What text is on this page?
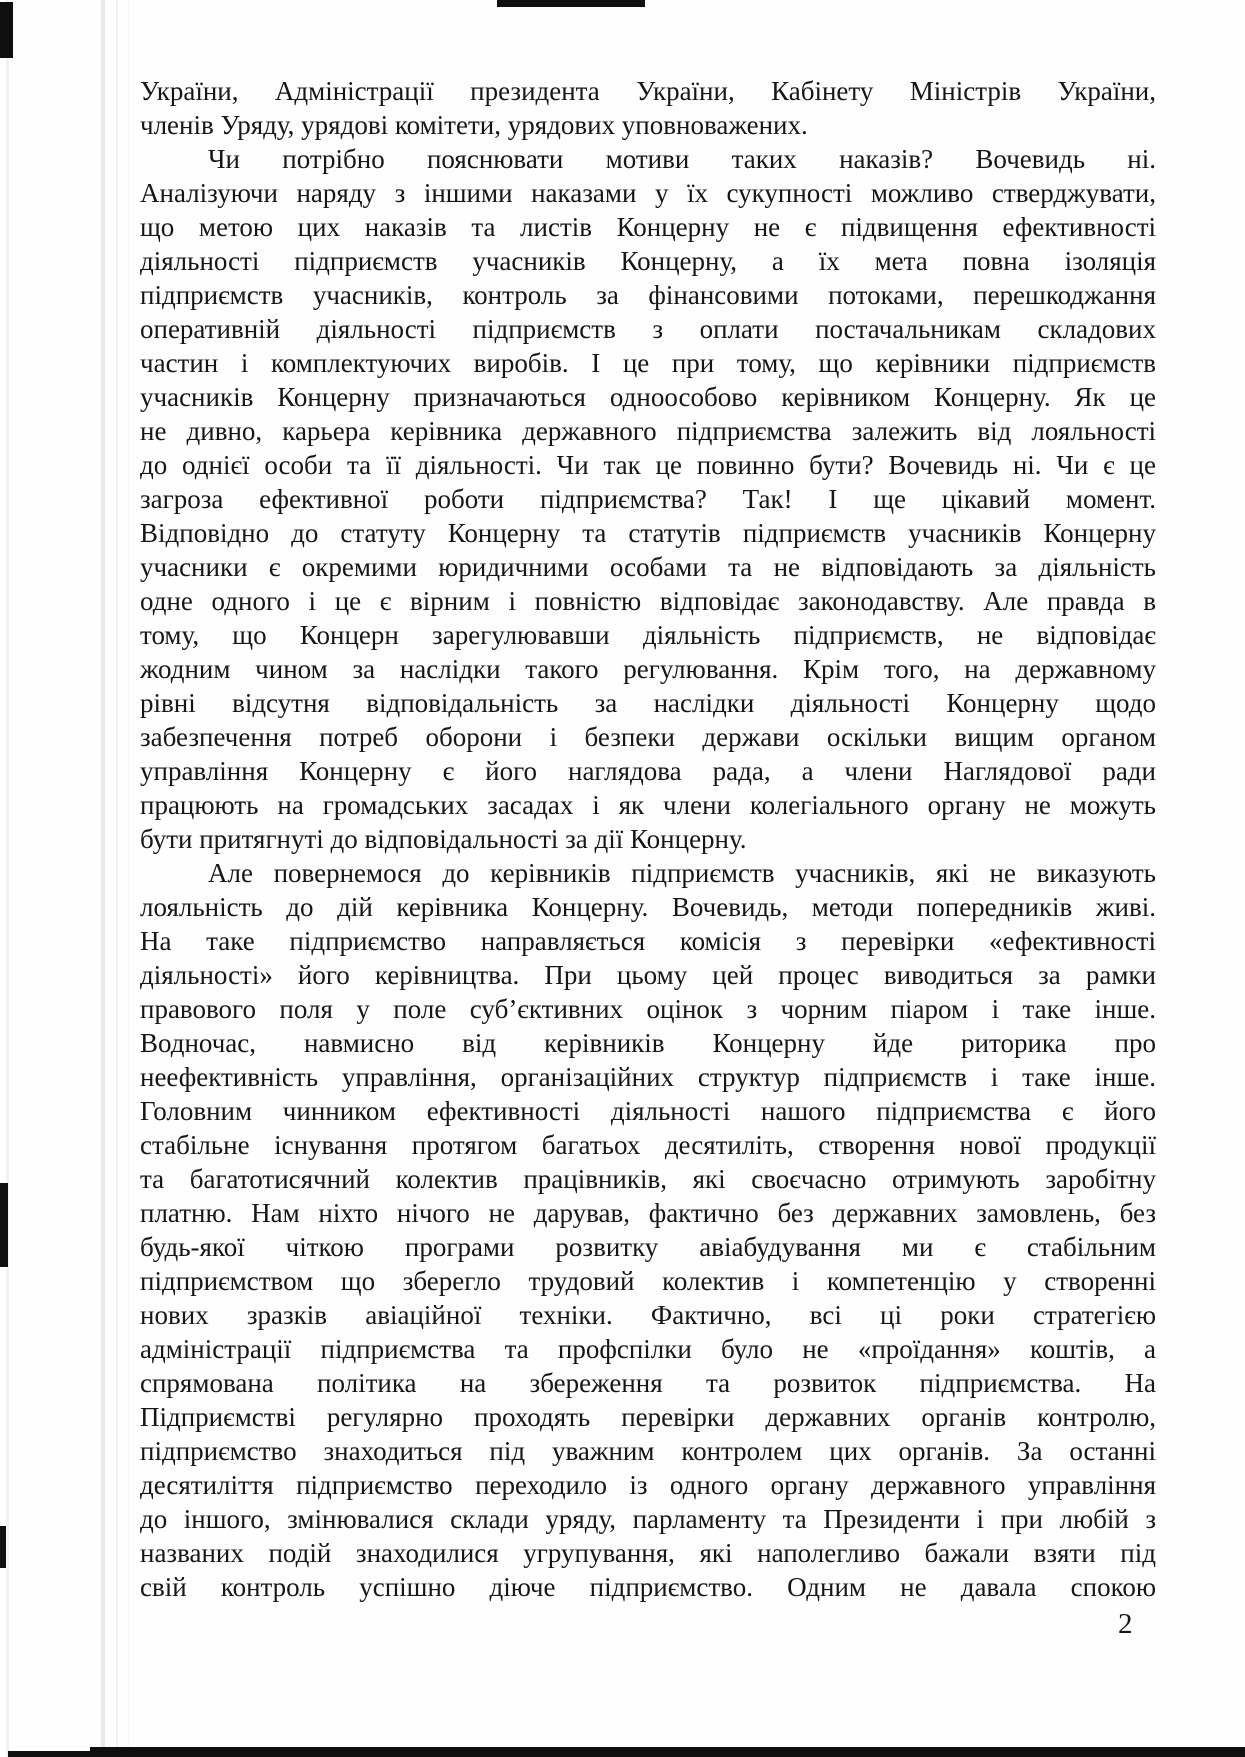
України, Адміністрації президента України, Кабінету Міністрів України,
членів Уряду, урядові комітети, урядових уповноважених.
Чи потрібно пояснювати мотиви таких наказів? Вочевидь ні.
Аналізуючи наряду з іншими наказами у їх сукупності можливо стверджувати,
що метою цих наказів та листів Концерну не є підвищення ефективності
діяльності підприємств учасників Концерну, а їх мета повна ізоляція
підприємств учасників, контроль за фінансовими потоками, перешкоджання
оперативній діяльності підприємств з оплати постачальникам складових
частин і комплектуючих виробів. І це при тому, що керівники підприємств
учасників Концерну призначаються одноособово керівником Концерну. Як це
не дивно, карьера керівника державного підприємства залежить від лояльності
до однієї особи та її діяльності. Чи так це повинно бути? Вочевидь ні. Чи є це
загроза ефективної роботи підприємства? Так! І ще цікавий момент.
Відповідно до статуту Концерну та статутів підприємств учасників Концерну
учасники є окремими юридичними особами та не відповідають за діяльність
одне одного і це є вірним і повністю відповідає законодавству. Але правда в
тому, що Концерн зарегулювавши діяльність підприємств, не відповідає
жодним чином за наслідки такого регулювання. Крім того, на державному
рівні відсутня відповідальність за наслідки діяльності Концерну щодо
забезпечення потреб оборони і безпеки держави оскільки вищим органом
управління Концерну є його наглядова рада, а члени Наглядової ради
працюють на громадських засадах і як члени колегіального органу не можуть
бути притягнуті до відповідальності за дії Концерну.
Але повернемося до керівників підприємств учасників, які не виказують
лояльність до дій керівника Концерну. Вочевидь, методи попередників живі.
На таке підприємство направляється комісія з перевірки «ефективності
діяльності» його керівництва. При цьому цей процес виводиться за рамки
правового поля у поле суб’єктивних оцінок з чорним піаром і таке інше.
Водночас, навмисно від керівників Концерну йде риторика про
неефективність управління, організаційних структур підприємств і таке інше.
Головним чинником ефективності діяльності нашого підприємства є його
стабільне існування протягом багатьох десятиліть, створення нової продукції
та багатотисячний колектив працівників, які своєчасно отримують заробітну
платню. Нам ніхто нічого не дарував, фактично без державних замовлень, без
будь-якої чіткою програми розвитку авіабудування ми є стабільним
підприємством що зберегло трудовий колектив і компетенцію у створенні
нових зразків авіаційної техніки. Фактично, всі ці роки стратегією
адміністрації підприємства та профспілки було не «проїдання» коштів, а
спрямована політика на збереження та розвиток підприємства. На
Підприємстві регулярно проходять перевірки державних органів контролю,
підприємство знаходиться під уважним контролем цих органів. За останні
десятиліття підприємство переходило із одного органу державного управління
до іншого, змінювалися склади уряду, парламенту та Президенти і при любій з
названих подій знаходилися угрупування, які наполегливо бажали взяти під
свій контроль успішно діюче підприємство. Одним не давала спокою
2
